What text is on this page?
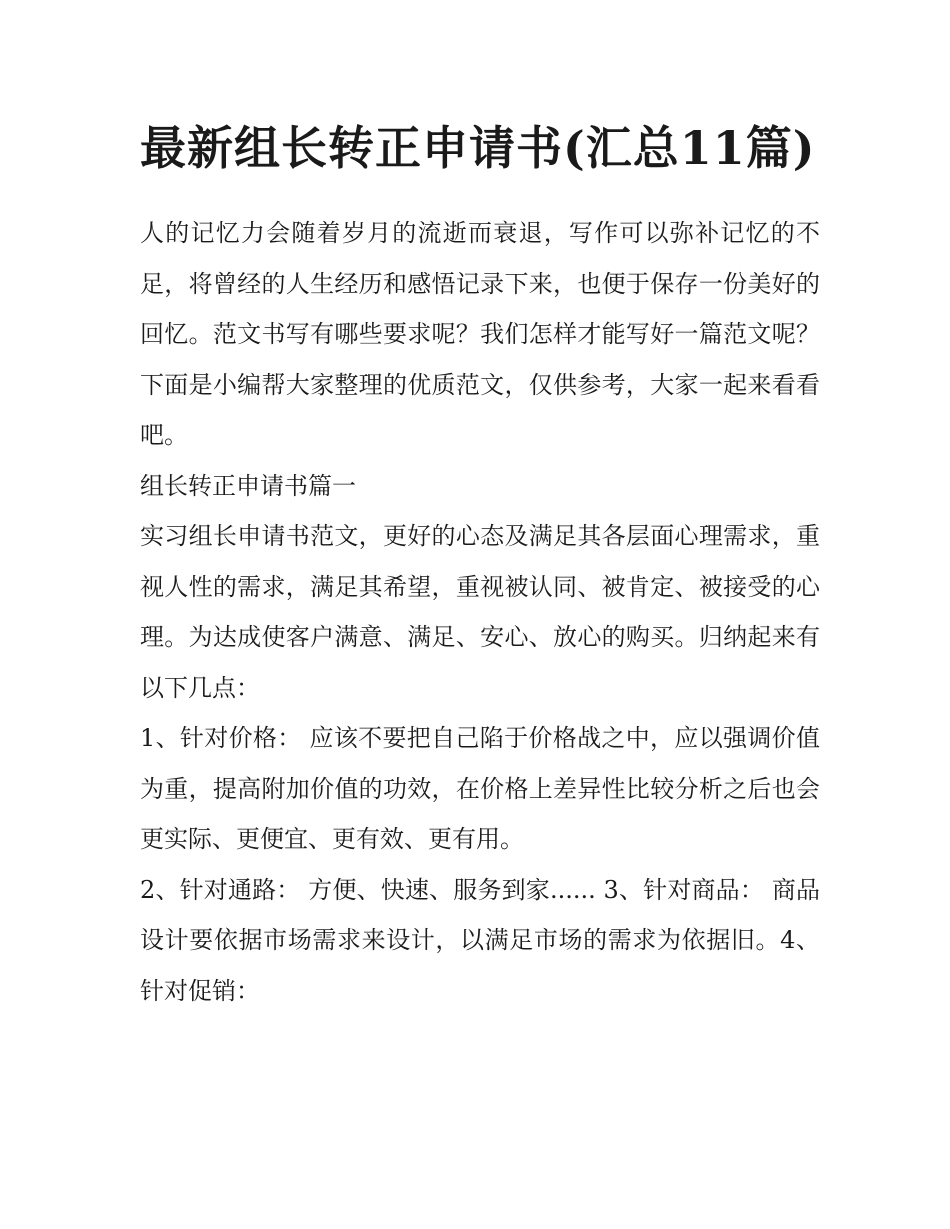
最新组长转正申请书(汇总11篇)

人的记忆力会随着岁月的流逝而衰退，写作可以弥补记忆的不足，将曾经的人生经历和感悟记录下来，也便于保存一份美好的回忆。范文书写有哪些要求呢？我们怎样才能写好一篇范文呢？下面是小编帮大家整理的优质范文，仅供参考，大家一起来看看吧。

组长转正申请书篇一

实习组长申请书范文，更好的心态及满足其各层面心理需求，重视人性的需求，满足其希望，重视被认同、被肯定、被接受的心理。为达成使客户满意、满足、安心、放心的购买。归纳起来有以下几点：

1、针对价格： 应该不要把自己陷于价格战之中，应以强调价值为重，提高附加价值的功效，在价格上差异性比较分析之后也会更实际、更便宜、更有效、更有用。

2、针对通路： 方便、快速、服务到家...... 3、针对商品： 商品设计要依据市场需求来设计，以满足市场的需求为依据旧。4、针对促销：
